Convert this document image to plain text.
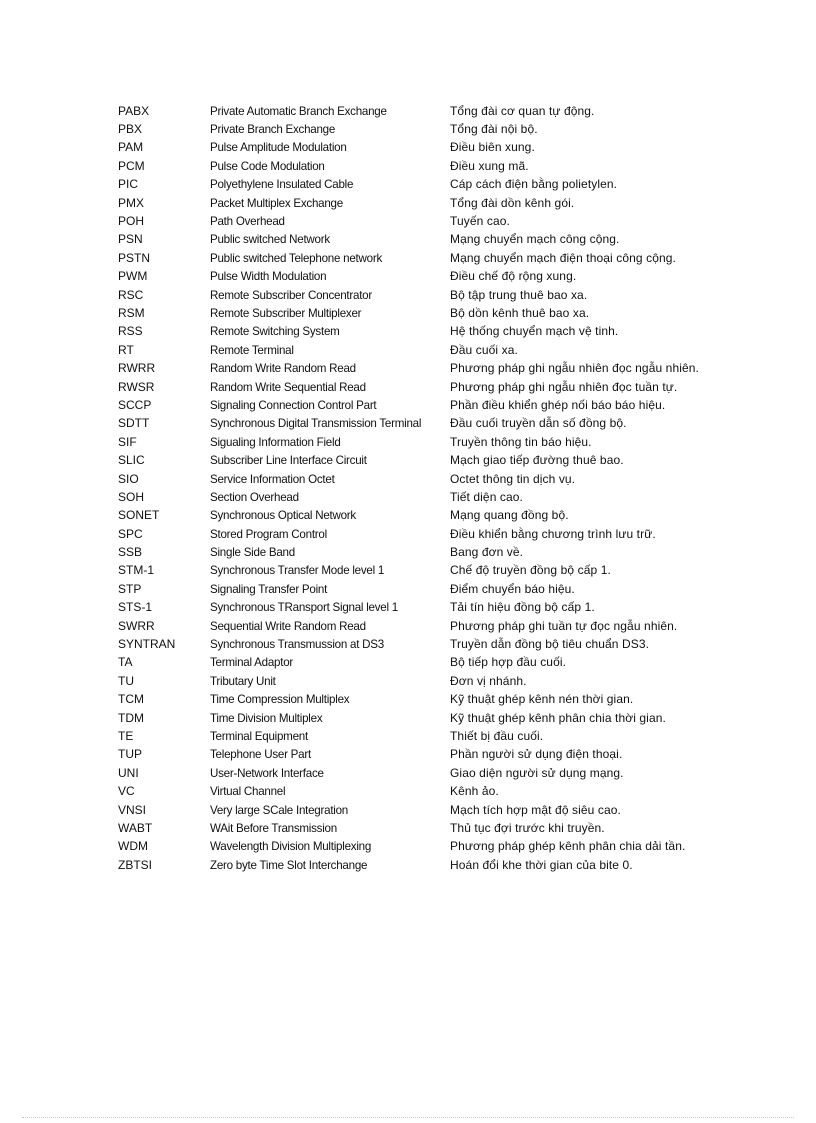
PABX	Private Automatic Branch Exchange	Tổng đài cơ quan tự động.
PBX	Private Branch Exchange	Tổng đài nội bộ.
PAM	Pulse Amplitude Modulation	Điều biên xung.
PCM	Pulse Code Modulation	Điều xung mã.
PIC	Polyethylene Insulated Cable	Cáp cách điện bằng polietylen.
PMX	Packet Multiplex Exchange	Tổng đài dồn kênh gói.
POH	Path Overhead	Tuyến cao.
PSN	Public switched Network	Mạng chuyển mạch công cộng.
PSTN	Public switched Telephone network	Mạng chuyển mạch điện thoại công cộng.
PWM	Pulse Width Modulation	Điều chế độ rộng xung.
RSC	Remote Subscriber Concentrator	Bộ tập trung thuê bao xa.
RSM	Remote Subscriber Multiplexer	Bộ dồn kênh thuê bao xa.
RSS	Remote Switching System	Hệ thống chuyển mạch vệ tinh.
RT	Remote Terminal	Đầu cuối xa.
RWRR	Random Write Random Read	Phương pháp ghi ngẫu nhiên đọc ngẫu nhiên.
RWSR	Random Write Sequential Read	Phương pháp ghi ngẫu nhiên đọc tuần tự.
SCCP	Signaling Connection Control Part	Phần điều khiển ghép nối báo báo hiệu.
SDTT	Synchronous Digital Transmission Terminal	Đầu cuối truyền dẫn số đồng bộ.
SIF	Sigualing Information Field	Truyền thông tin báo hiệu.
SLIC	Subscriber Line Interface Circuit	Mạch giao tiếp đường thuê bao.
SIO	Service Information Octet	Octet thông tin dịch vụ.
SOH	Section Overhead	Tiết diện cao.
SONET	Synchronous Optical Network	Mạng quang đồng bộ.
SPC	Stored Program Control	Điều khiển bằng chương trình lưu trữ.
SSB	Single Side Band	Bang đơn về.
STM-1	Synchronous Transfer Mode level 1	Chế độ truyền đồng bộ cấp 1.
STP	Signaling Transfer Point	Điểm chuyển báo hiệu.
STS-1	Synchronous TRansport Signal level 1	Tải tín hiệu đồng bộ cấp 1.
SWRR	Sequential Write Random Read	Phương pháp ghi tuần tự đọc ngẫu nhiên.
SYNTRAN	Synchronous Transmussion at DS3	Truyền dẫn đồng bộ tiêu chuẩn DS3.
TA	Terminal Adaptor	Bộ tiếp hợp đầu cuối.
TU	Tributary Unit	Đơn vị nhánh.
TCM	Time Compression Multiplex	Kỹ thuật ghép kênh nén thời gian.
TDM	Time Division Multiplex	Kỹ thuật ghép kênh phân chia thời gian.
TE	Terminal Equipment	Thiết bị đầu cuối.
TUP	Telephone User Part	Phần người sử dụng điện thoại.
UNI	User-Network Interface	Giao diện người sử dụng mạng.
VC	Virtual Channel	Kênh ảo.
VNSI	Very large SCale Integration	Mạch tích hợp mật độ siêu cao.
WABT	WAit Before Transmission	Thủ tục đợi trước khi truyền.
WDM	Wavelength Division Multiplexing	Phương pháp ghép kênh phân chia dải tần.
ZBTSI	Zero byte Time Slot Interchange	Hoán đổi khe thời gian của bite 0.
